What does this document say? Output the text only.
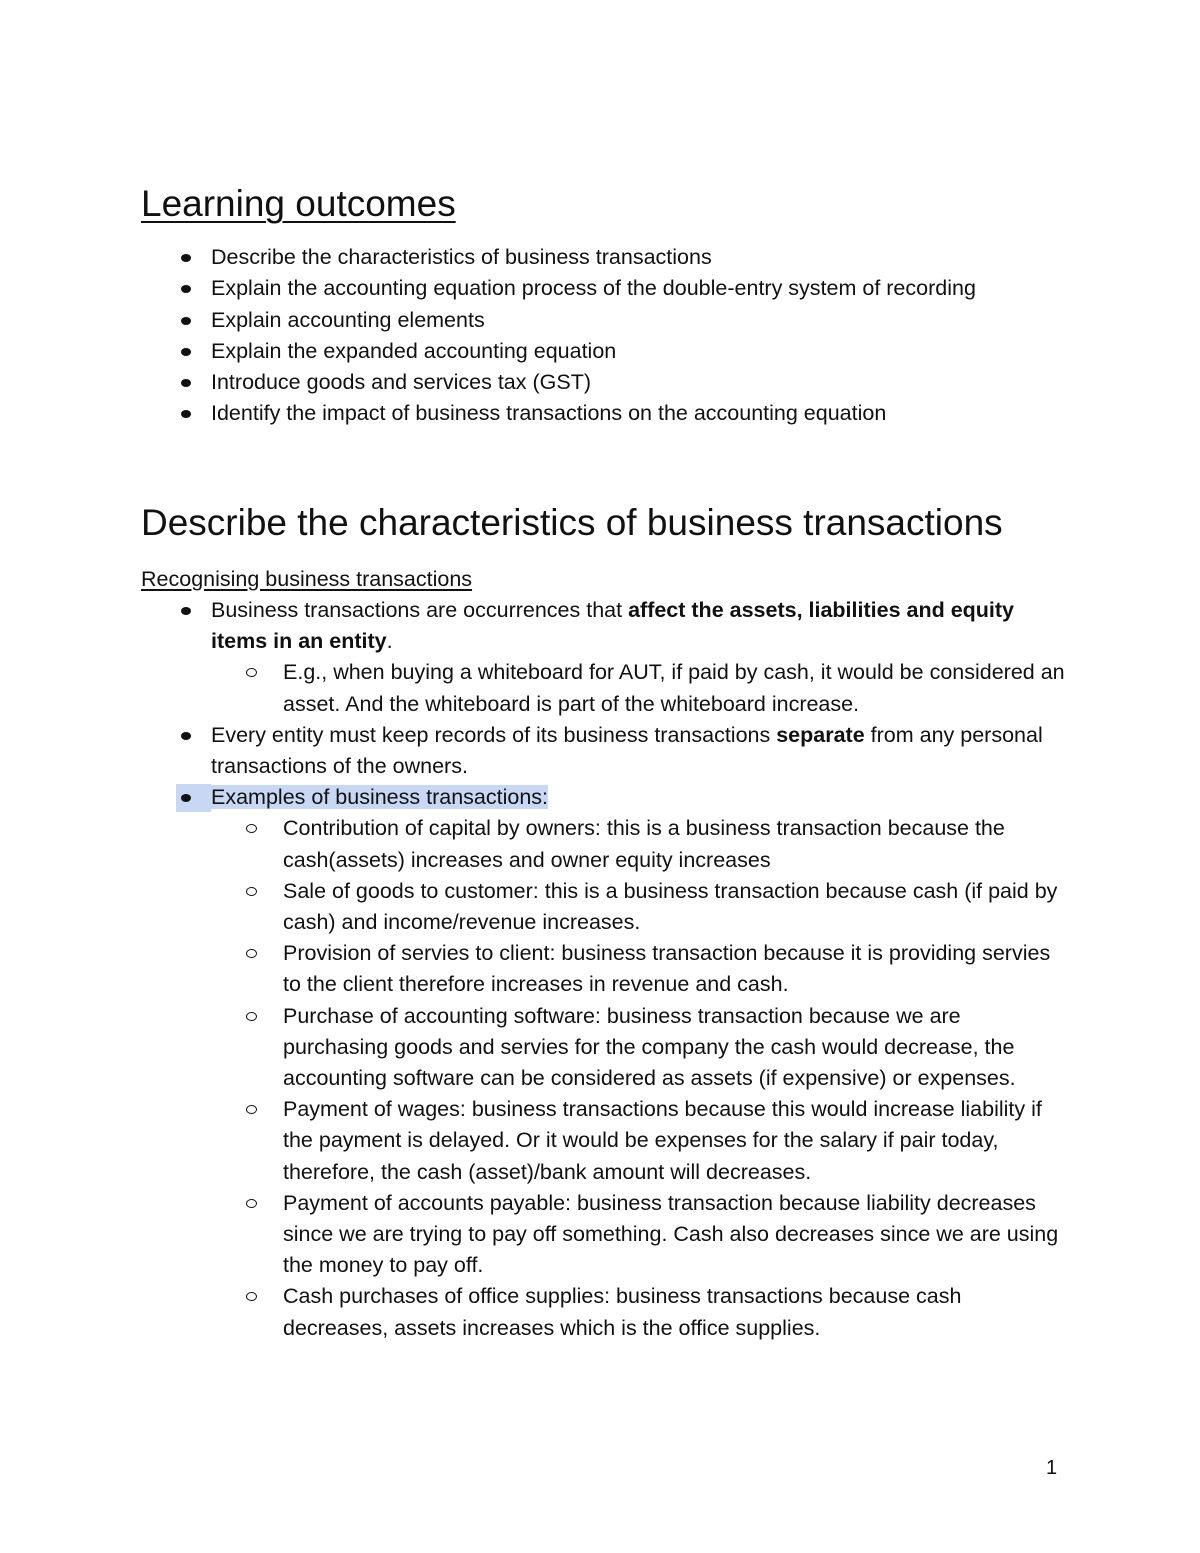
Learning outcomes
Describe the characteristics of business transactions
Explain the accounting equation process of the double-entry system of recording
Explain accounting elements
Explain the expanded accounting equation
Introduce goods and services tax (GST)
Identify the impact of business transactions on the accounting equation
Describe the characteristics of business transactions
Recognising business transactions
Business transactions are occurrences that affect the assets, liabilities and equity items in an entity.
E.g., when buying a whiteboard for AUT, if paid by cash, it would be considered an asset. And the whiteboard is part of the whiteboard increase.
Every entity must keep records of its business transactions separate from any personal transactions of the owners.
Examples of business transactions:
Contribution of capital by owners: this is a business transaction because the cash(assets) increases and owner equity increases
Sale of goods to customer: this is a business transaction because cash (if paid by cash) and income/revenue increases.
Provision of servies to client: business transaction because it is providing servies to the client therefore increases in revenue and cash.
Purchase of accounting software: business transaction because we are purchasing goods and servies for the company the cash would decrease, the accounting software can be considered as assets (if expensive) or expenses.
Payment of wages: business transactions because this would increase liability if the payment is delayed. Or it would be expenses for the salary if pair today, therefore, the cash (asset)/bank amount will decreases.
Payment of accounts payable: business transaction because liability decreases since we are trying to pay off something. Cash also decreases since we are using the money to pay off.
Cash purchases of office supplies: business transactions because cash decreases, assets increases which is the office supplies.
1
